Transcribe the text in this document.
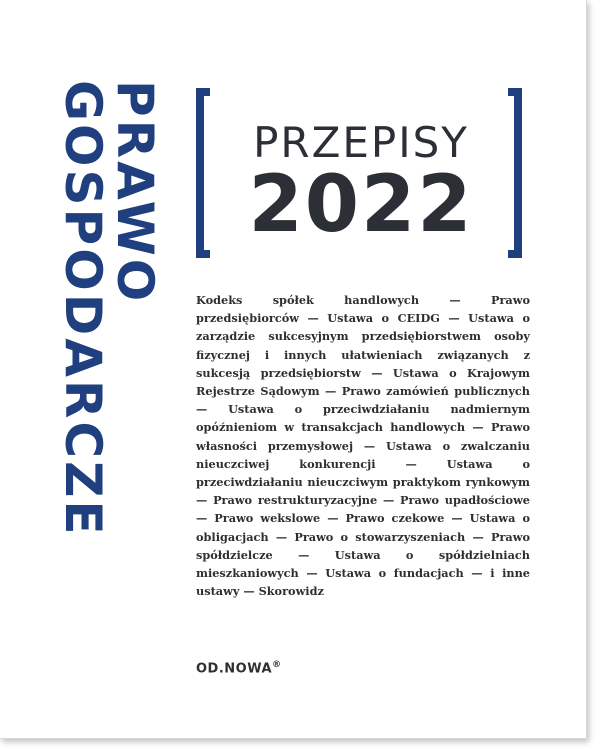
PRAWO
GOSPODARCZE	PRZEPISY
2022
Kodeks spółek handlowych — Prawo przedsiębiorców — Ustawa o CEIDG — Ustawa o zarządzie sukcesyjnym przedsiębiorstwem osoby fizycznej i innych ułatwieniach związanych z sukcesją przedsiębiorstw — Ustawa o Krajowym Rejestrze Sądowym — Prawo zamówień publicznych — Ustawa o przeciwdziałaniu nadmiernym opóźnieniom w transakcjach handlowych — Prawo własności przemysłowej — Ustawa o zwalczaniu nieuczciwej konkurencji — Ustawa o przeciwdziałaniu nieuczciwym praktykom rynkowym — Prawo restrukturyzacyjne — Prawo upadłościowe — Prawo wekslowe — Prawo czekowe — Ustawa o obligacjach — Prawo o stowarzyszeniach — Prawo spółdzielcze — Ustawa o spółdzielniach mieszkaniowych — Ustawa o fundacjach — i inne ustawy — Skorowidz
OD.NOWA®
